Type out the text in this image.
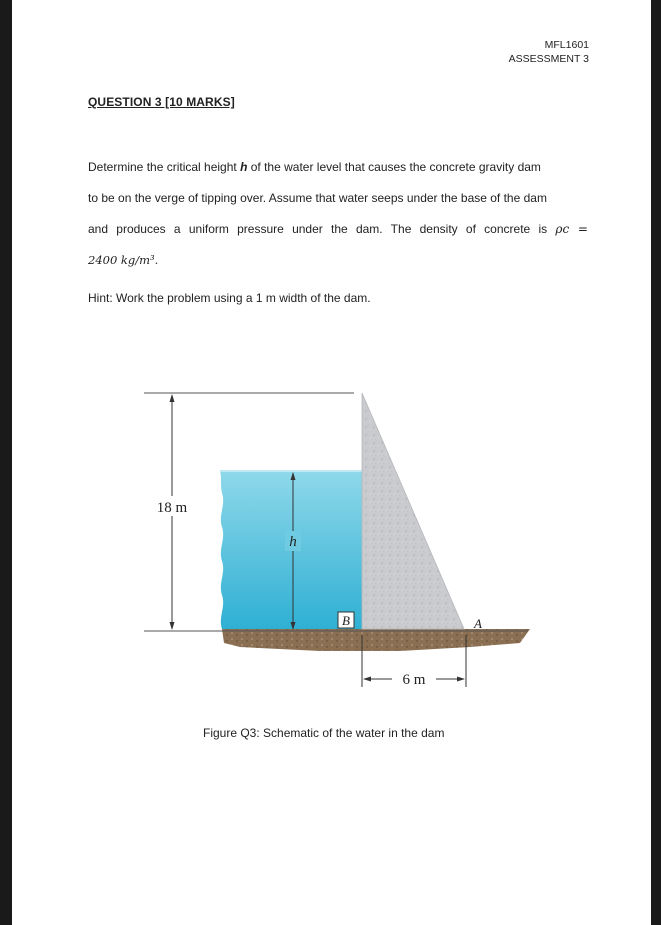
MFL1601
ASSESSMENT 3
QUESTION 3 [10 MARKS]
Determine the critical height h of the water level that causes the concrete gravity dam
to be on the verge of tipping over. Assume that water seeps under the base of the dam
and produces a uniform pressure under the dam. The density of concrete is ρc =
2400 kg/m³.
Hint: Work the problem using a 1 m width of the dam.
18 m
h
B	A
6 m
Figure Q3: Schematic of the water in the dam
